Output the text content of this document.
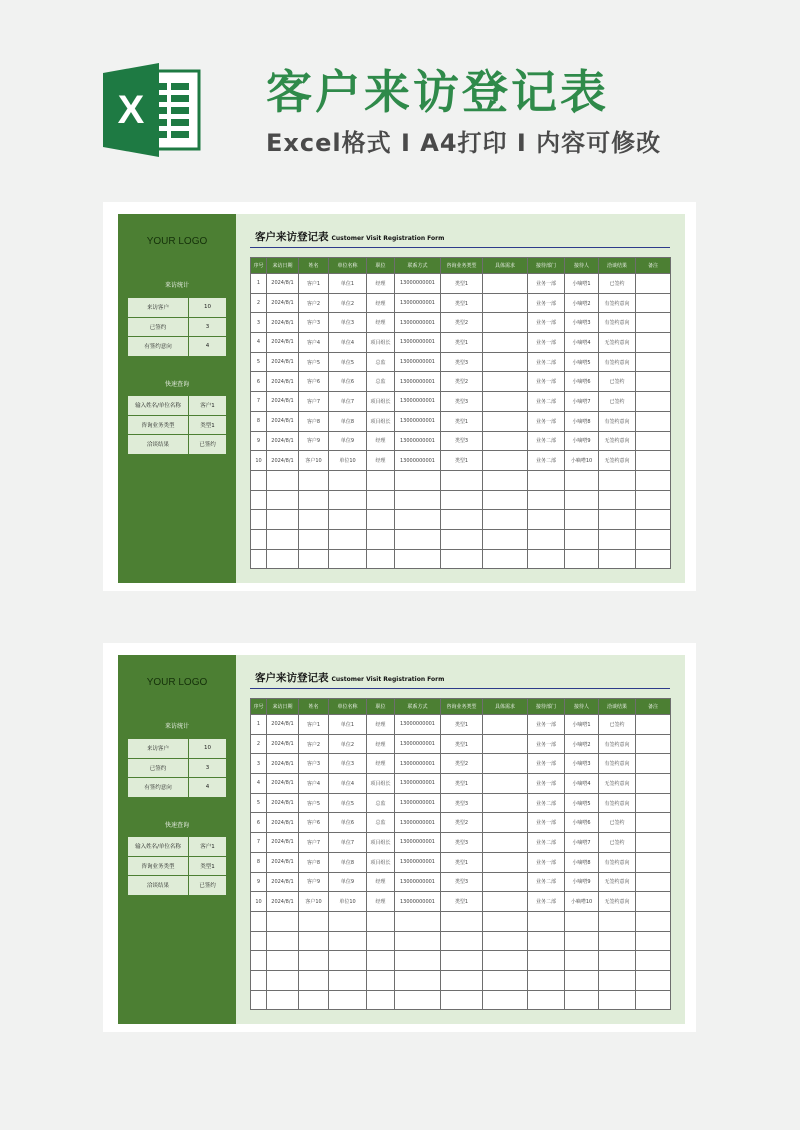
X	客户来访登记表
Excel格式 I A4打印 I 内容可修改
YOUR LOGO
来访统计
来访客户	10
已签约	3
有签约意向	4
快速查询
输入姓名/单位名称	客户1
咨询业务类型	类型1
洽谈结果	已签约
客户来访登记表 Customer Visit Registration Form
序号	来访日期	姓名	单位名称	职位	联系方式	咨询业务类型	具体需求	接待部门	接待人	洽谈结果	备注
1	2024/8/1	客户1	单位1	经理	13000000001	类型1		业务一部	小嘀嗒1	已签约	
2	2024/8/1	客户2	单位2	经理	13000000001	类型1		业务一部	小嘀嗒2	有签约意向	
3	2024/8/1	客户3	单位3	经理	13000000001	类型2		业务一部	小嘀嗒3	有签约意向	
4	2024/8/1	客户4	单位4	项目组长	13000000001	类型1		业务一部	小嘀嗒4	无签约意向	
5	2024/8/1	客户5	单位5	总监	13000000001	类型3		业务二部	小嘀嗒5	有签约意向	
6	2024/8/1	客户6	单位6	总监	13000000001	类型2		业务一部	小嘀嗒6	已签约	
7	2024/8/1	客户7	单位7	项目组长	13000000001	类型3		业务二部	小嘀嗒7	已签约	
8	2024/8/1	客户8	单位8	项目组长	13000000001	类型1		业务一部	小嘀嗒8	有签约意向	
9	2024/8/1	客户9	单位9	经理	13000000001	类型3		业务二部	小嘀嗒9	无签约意向	
10	2024/8/1	客户10	单位10	经理	13000000001	类型1		业务二部	小嘀嗒10	无签约意向	

YOUR LOGO
来访统计
来访客户	10
已签约	3
有签约意向	4
快速查询
输入姓名/单位名称	客户1
咨询业务类型	类型1
洽谈结果	已签约
客户来访登记表 Customer Visit Registration Form
序号	来访日期	姓名	单位名称	职位	联系方式	咨询业务类型	具体需求	接待部门	接待人	洽谈结果	备注
1	2024/8/1	客户1	单位1	经理	13000000001	类型1		业务一部	小嘀嗒1	已签约	
2	2024/8/1	客户2	单位2	经理	13000000001	类型1		业务一部	小嘀嗒2	有签约意向	
3	2024/8/1	客户3	单位3	经理	13000000001	类型2		业务一部	小嘀嗒3	有签约意向	
4	2024/8/1	客户4	单位4	项目组长	13000000001	类型1		业务一部	小嘀嗒4	无签约意向	
5	2024/8/1	客户5	单位5	总监	13000000001	类型3		业务二部	小嘀嗒5	有签约意向	
6	2024/8/1	客户6	单位6	总监	13000000001	类型2		业务一部	小嘀嗒6	已签约	
7	2024/8/1	客户7	单位7	项目组长	13000000001	类型3		业务二部	小嘀嗒7	已签约	
8	2024/8/1	客户8	单位8	项目组长	13000000001	类型1		业务一部	小嘀嗒8	有签约意向	
9	2024/8/1	客户9	单位9	经理	13000000001	类型3		业务二部	小嘀嗒9	无签约意向	
10	2024/8/1	客户10	单位10	经理	13000000001	类型1		业务二部	小嘀嗒10	无签约意向	
